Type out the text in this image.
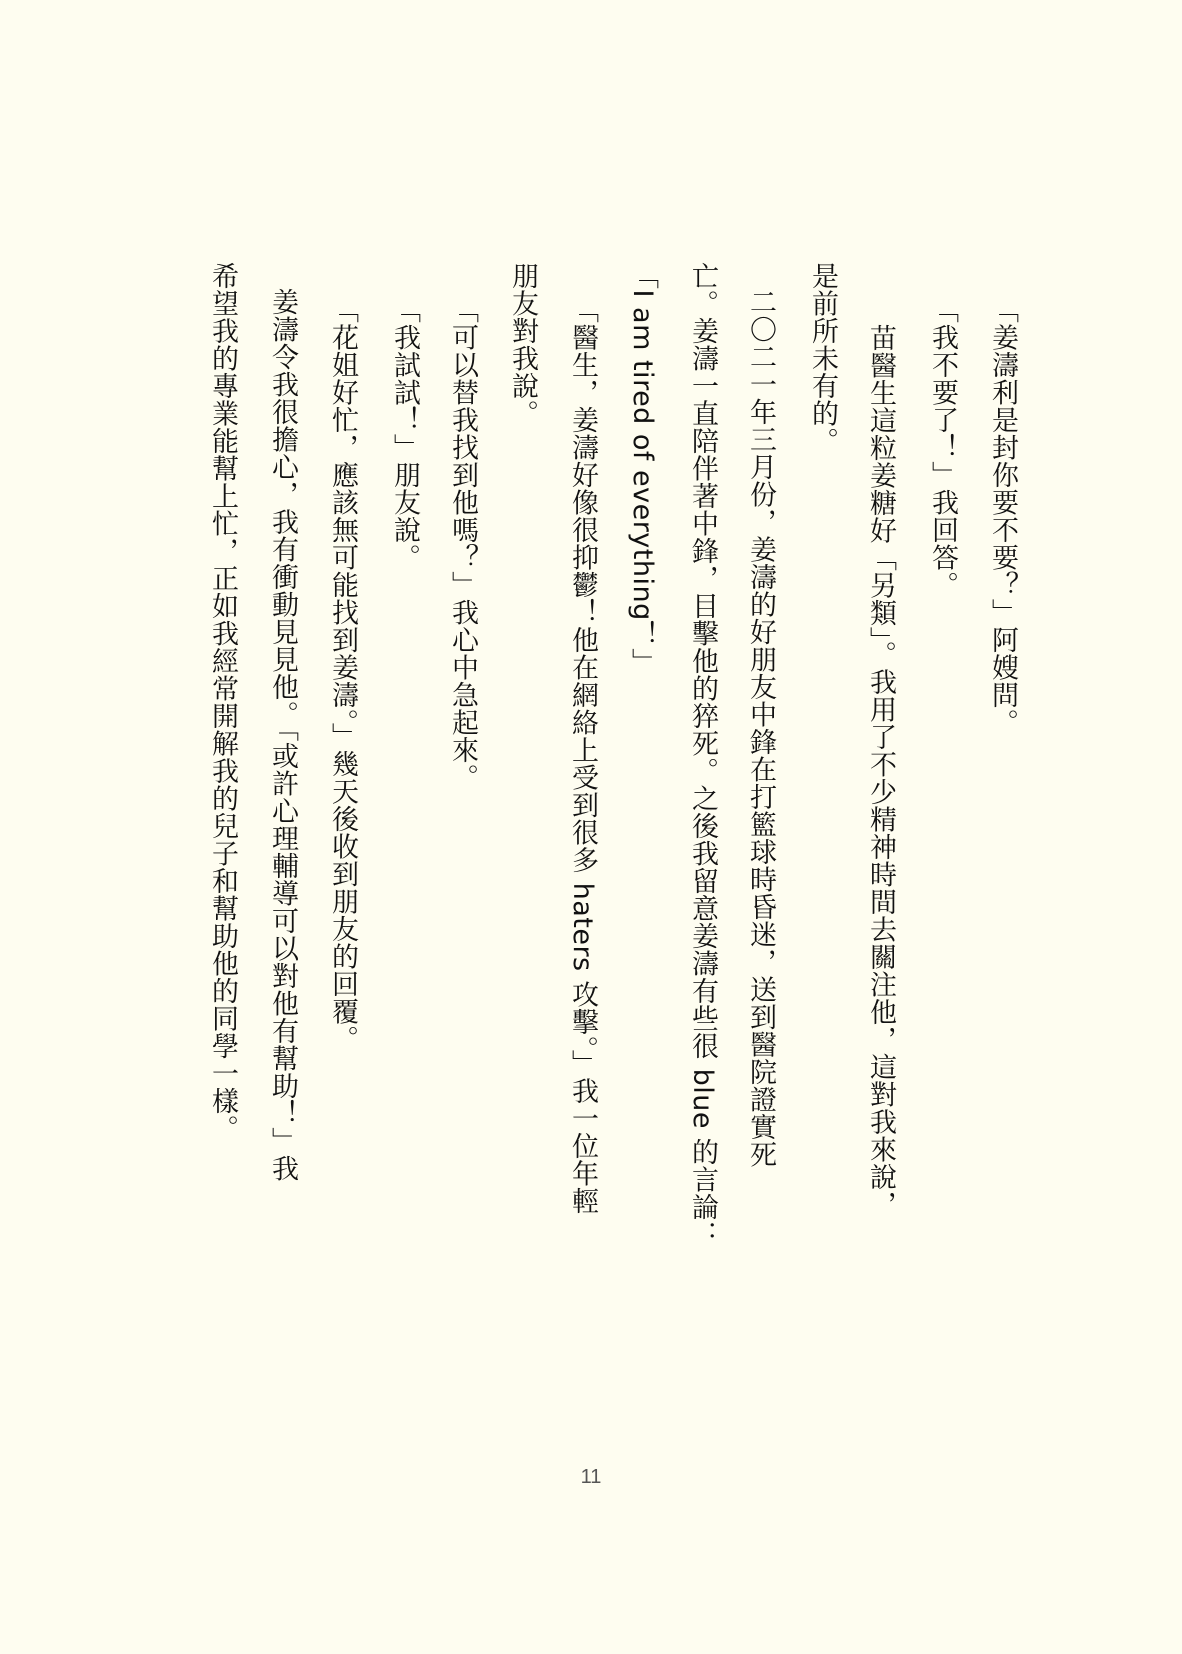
「姜濤利是封你要不要？」阿嫂問。
「我不要了！」我回答。
苗醫生這粒姜糖好「另類」。我用了不少精神時間去關注他，這對我來說，
是前所未有的。
二〇二一年三月份，姜濤的好朋友中鋒在打籃球時昏迷，送到醫院證實死
亡。姜濤一直陪伴著中鋒，目擊他的猝死。之後我留意姜濤有些很 blue 的言論：
「I am tired of everything！」
「醫生，姜濤好像很抑鬱！他在網絡上受到很多 haters 攻擊。」我一位年輕
朋友對我說。
「可以替我找到他嗎？」我心中急起來。
「我試試！」朋友說。
「花姐好忙，應該無可能找到姜濤。」幾天後收到朋友的回覆。
姜濤令我很擔心，我有衝動見見他。「或許心理輔導可以對他有幫助！」我
希望我的專業能幫上忙，正如我經常開解我的兒子和幫助他的同學一樣。
11
